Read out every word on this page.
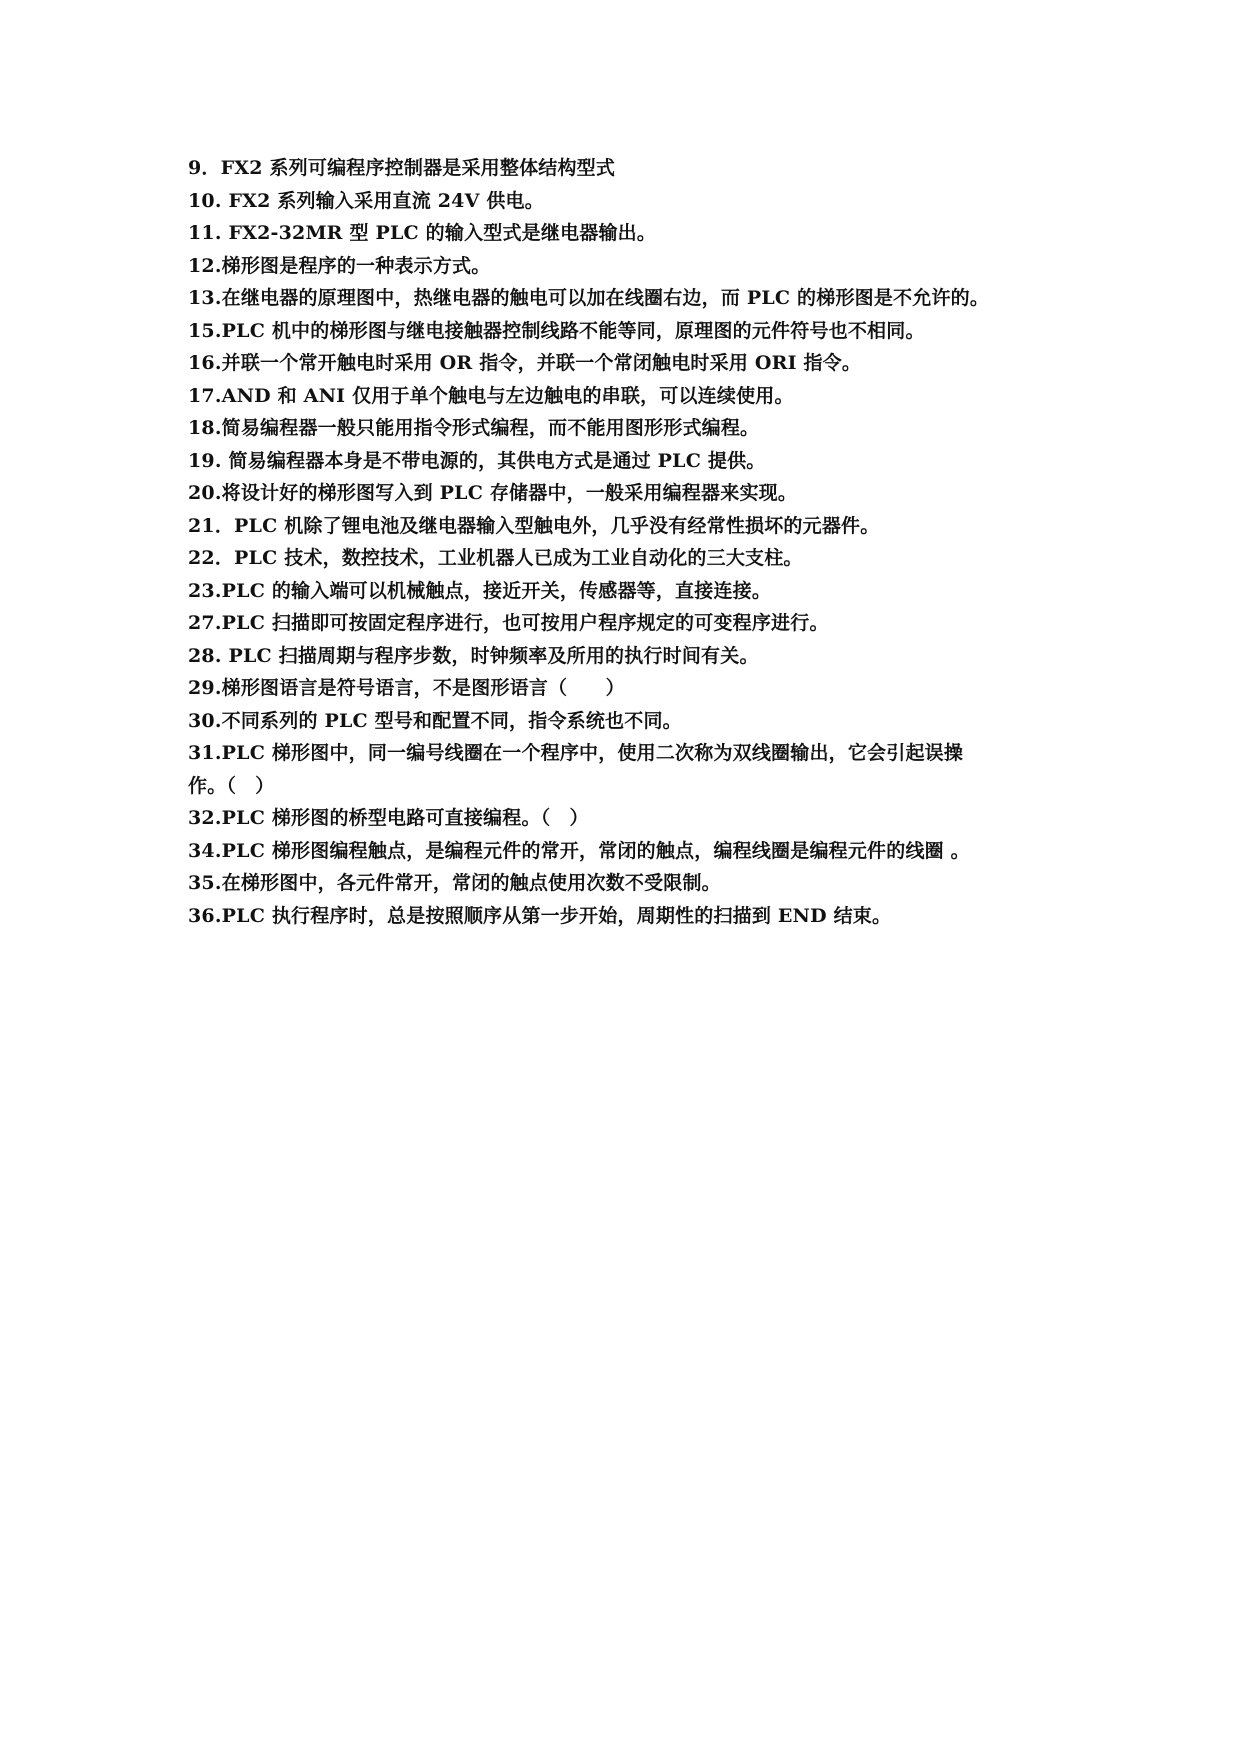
9．FX2 系列可编程序控制器是采用整体结构型式
10. FX2 系列输入采用直流 24V 供电。
11. FX2-32MR 型 PLC 的输入型式是继电器输出。
12.梯形图是程序的一种表示方式。
13.在继电器的原理图中，热继电器的触电可以加在线圈右边，而 PLC 的梯形图是不允许的。
15.PLC 机中的梯形图与继电接触器控制线路不能等同，原理图的元件符号也不相同。
16.并联一个常开触电时采用 OR 指令，并联一个常闭触电时采用 ORI 指令。
17.AND 和 ANI 仅用于单个触电与左边触电的串联，可以连续使用。
18.简易编程器一般只能用指令形式编程，而不能用图形形式编程。
19. 简易编程器本身是不带电源的，其供电方式是通过 PLC 提供。
20.将设计好的梯形图写入到 PLC 存储器中，一般采用编程器来实现。
21．PLC 机除了锂电池及继电器输入型触电外，几乎没有经常性损坏的元器件。
22．PLC 技术，数控技术，工业机器人已成为工业自动化的三大支柱。
23.PLC 的输入端可以机械触点，接近开关，传感器等，直接连接。
27.PLC 扫描即可按固定程序进行，也可按用户程序规定的可变程序进行。
28. PLC 扫描周期与程序步数，时钟频率及所用的执行时间有关。
29.梯形图语言是符号语言，不是图形语言（　　）
30.不同系列的 PLC 型号和配置不同，指令系统也不同。
31.PLC 梯形图中，同一编号线圈在一个程序中，使用二次称为双线圈输出，它会引起误操
作。（　）
32.PLC 梯形图的桥型电路可直接编程。（　）
34.PLC 梯形图编程触点，是编程元件的常开，常闭的触点，编程线圈是编程元件的线圈 。
35.在梯形图中，各元件常开，常闭的触点使用次数不受限制。
36.PLC 执行程序时，总是按照顺序从第一步开始，周期性的扫描到 END 结束。
